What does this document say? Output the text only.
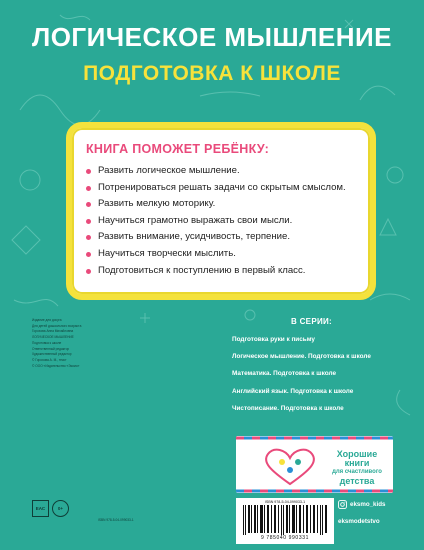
ЛОГИЧЕСКОЕ МЫШЛЕНИЕ
ПОДГОТОВКА К ШКОЛЕ
КНИГА ПОМОЖЕТ РЕБЁНКУ:
Развить логическое мышление.
Потренироваться решать задачи со скрытым смыслом.
Развить мелкую моторику.
Научиться грамотно выражать свои мысли.
Развить внимание, усидчивость, терпение.
Научиться творчески мыслить.
Подготовиться к поступлению в первый класс.

Издание для досуга

Для детей дошкольного возраста

Горохова Анна Михайловна

ЛОГИЧЕСКОЕ МЫШЛЕНИЕ

Подготовка к школе

Ответственный редактор

Художественный редактор

© Горохова А. М., текст

© ООО «Издательство «Эксмо»

ЕАС	0+
ISBN 978-5-04-099033-1
В СЕРИИ:
Подготовка руки к письму
Логическое мышление. Подготовка к школе
Математика. Подготовка к школе
Английский язык. Подготовка к школе
Чистописание. Подготовка к школе
Хорошие
книги
для счастливого
детства
ISBN 978-5-04-099033-1
9 785040 990331
eksmo_kids
eksmodetstvo
